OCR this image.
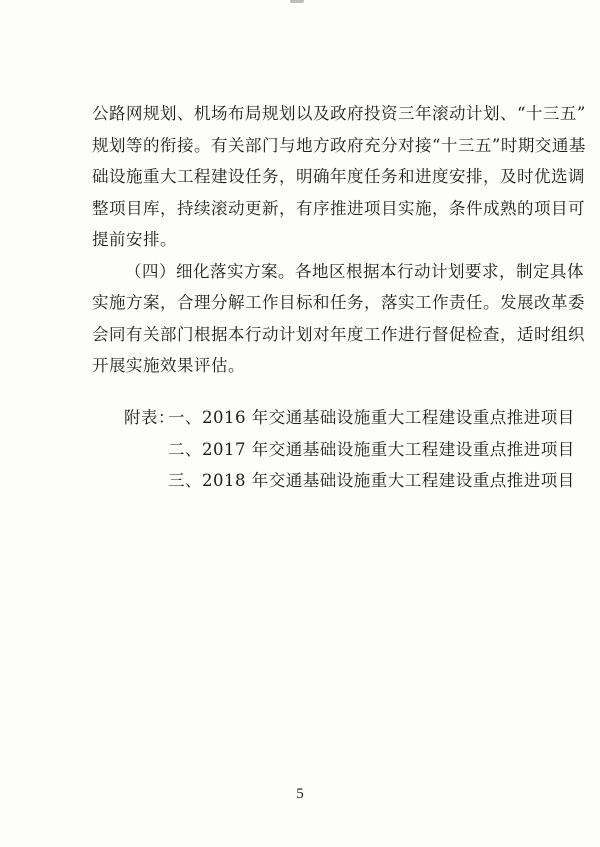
公路网规划、机场布局规划以及政府投资三年滚动计划、“十三五”
规划等的衔接。有关部门与地方政府充分对接“十三五”时期交通基
础设施重大工程建设任务，明确年度任务和进度安排，及时优选调
整项目库，持续滚动更新，有序推进项目实施，条件成熟的项目可
提前安排。

（四）细化落实方案。各地区根据本行动计划要求，制定具体
实施方案，合理分解工作目标和任务，落实工作责任。发展改革委
会同有关部门根据本行动计划对年度工作进行督促检查，适时组织
开展实施效果评估。

附表：一、2016 年交通基础设施重大工程建设重点推进项目
二、2017 年交通基础设施重大工程建设重点推进项目
三、2018 年交通基础设施重大工程建设重点推进项目
5
